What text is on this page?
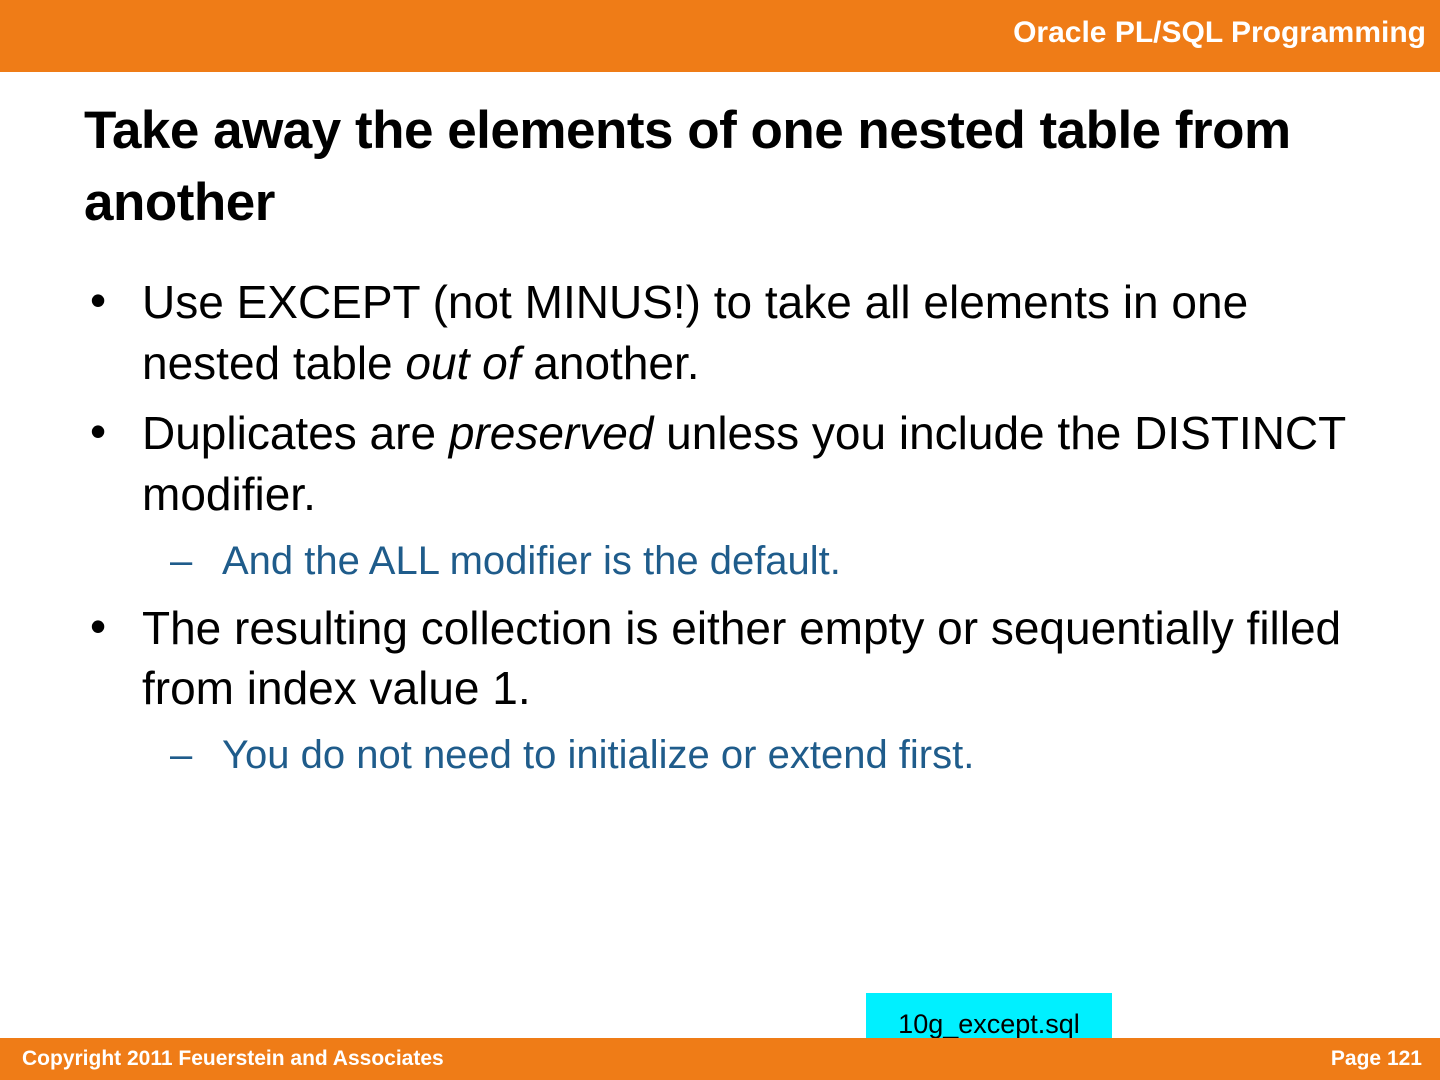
Oracle PL/SQL Programming
Take away the elements of one nested table from another
• Use EXCEPT (not MINUS!) to take all elements in one nested table out of another.
• Duplicates are preserved unless you include the DISTINCT modifier.
– And the ALL modifier is the default.
• The resulting collection is either empty or sequentially filled from index value 1.
– You do not need to initialize or extend first.
10g_except.sql
Copyright 2011 Feuerstein and Associates	Page 121
